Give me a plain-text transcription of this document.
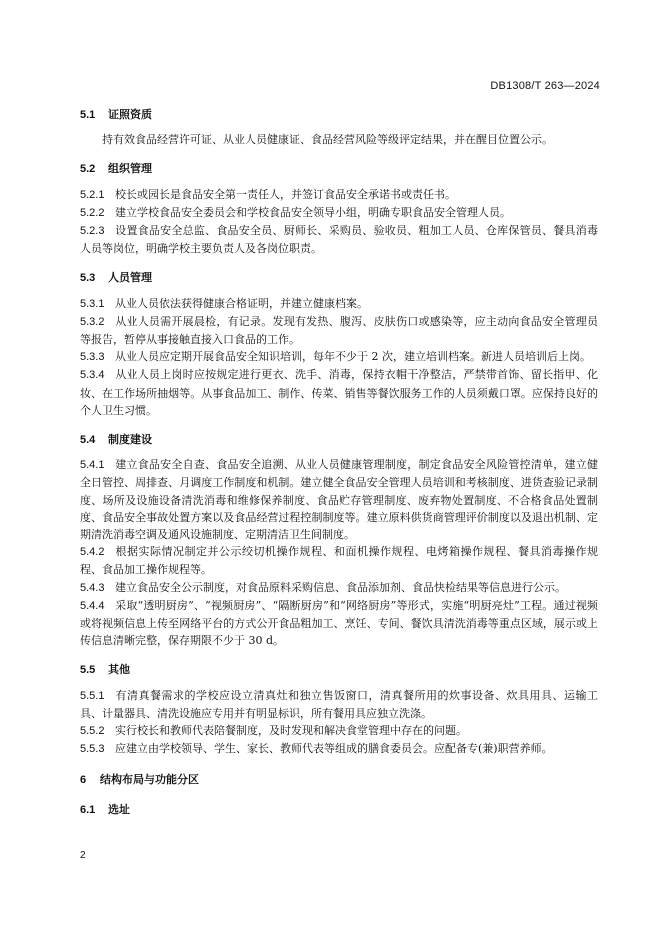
DB1308/T 263—2024

5.1 证照资质

持有效食品经营许可证、从业人员健康证、食品经营风险等级评定结果，并在醒目位置公示。

5.2 组织管理

5.2.1 校长或园长是食品安全第一责任人，并签订食品安全承诺书或责任书。

5.2.2 建立学校食品安全委员会和学校食品安全领导小组，明确专职食品安全管理人员。

5.2.3 设置食品安全总监、食品安全员、厨师长、采购员、验收员、粗加工人员、仓库保管员、餐具消毒人员等岗位，明确学校主要负责人及各岗位职责。

5.3 人员管理

5.3.1 从业人员依法获得健康合格证明，并建立健康档案。

5.3.2 从业人员需开展晨检，有记录。发现有发热、腹泻、皮肤伤口或感染等，应主动向食品安全管理员等报告，暂停从事接触直接入口食品的工作。

5.3.3 从业人员应定期开展食品安全知识培训，每年不少于 2 次，建立培训档案。新进人员培训后上岗。

5.3.4 从业人员上岗时应按规定进行更衣、洗手、消毒，保持衣帽干净整洁，严禁带首饰、留长指甲、化妆、在工作场所抽烟等。从事食品加工、制作、传菜、销售等餐饮服务工作的人员须戴口罩。应保持良好的个人卫生习惯。

5.4 制度建设

5.4.1 建立食品安全自查、食品安全追溯、从业人员健康管理制度，制定食品安全风险管控清单，建立健全日管控、周排查、月调度工作制度和机制。建立健全食品安全管理人员培训和考核制度、进货查验记录制度、场所及设施设备清洗消毒和维修保养制度、食品贮存管理制度、废弃物处置制度、不合格食品处置制度、食品安全事故处置方案以及食品经营过程控制制度等。建立原料供货商管理评价制度以及退出机制、定期清洗消毒空调及通风设施制度、定期清洁卫生间制度。

5.4.2 根据实际情况制定并公示绞切机操作规程、和面机操作规程、电烤箱操作规程、餐具消毒操作规程、食品加工操作规程等。

5.4.3 建立食品安全公示制度，对食品原料采购信息、食品添加剂、食品快检结果等信息进行公示。

5.4.4 采取“透明厨房”、“视频厨房”、“隔断厨房”和“网络厨房”等形式，实施“明厨亮灶”工程。通过视频或将视频信息上传至网络平台的方式公开食品粗加工、烹饪、专间、餐饮具清洗消毒等重点区域，展示或上传信息清晰完整，保存期限不少于 30 d。

5.5 其他

5.5.1 有清真餐需求的学校应设立清真灶和独立售饭窗口，清真餐所用的炊事设备、炊具用具、运输工具、计量器具、清洗设施应专用并有明显标识，所有餐用具应独立洗涤。

5.5.2 实行校长和教师代表陪餐制度，及时发现和解决食堂管理中存在的问题。

5.5.3 应建立由学校领导、学生、家长、教师代表等组成的膳食委员会。应配备专(兼)职营养师。

6 结构布局与功能分区

6.1 选址

2
